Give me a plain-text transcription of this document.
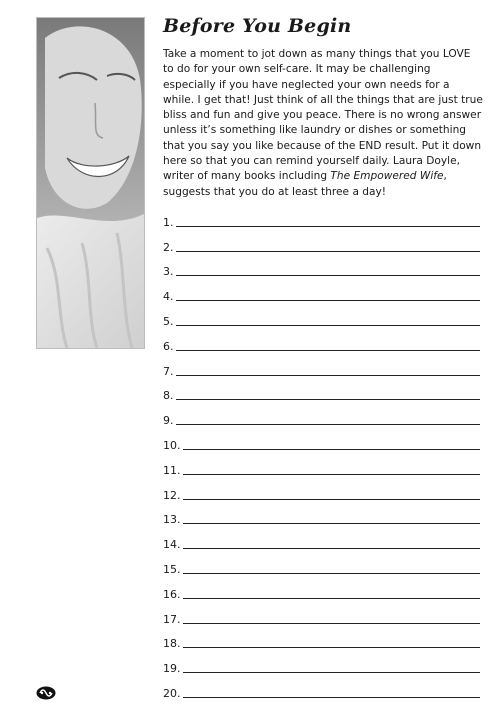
Before You Begin

Take a moment to jot down as many things that you LOVE to do for your own self-care. It may be challenging especially if you have neglected your own needs for a while. I get that! Just think of all the things that are just true bliss and fun and give you peace. There is no wrong answer unless it’s something like laundry or dishes or something that you say you like because of the END result. Put it down here so that you can remind yourself daily. Laura Doyle, writer of many books including The Empowered Wife, suggests that you do at least three a day!

1.
2.
3.
4.
5.
6.
7.
8.
9.
10.
11.
12.
13.
14.
15.
16.
17.
18.
19.
20.
